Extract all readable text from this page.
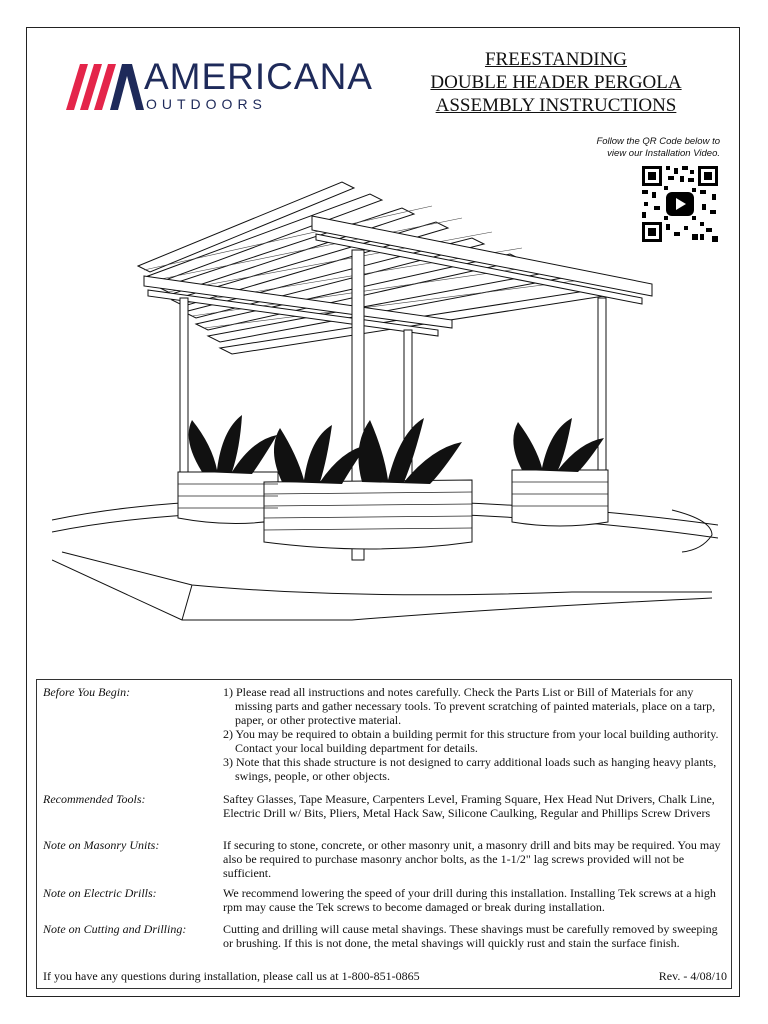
AMERICANA
OUTDOORS
FREESTANDING
DOUBLE HEADER PERGOLA
ASSEMBLY INSTRUCTIONS
Follow the QR Code below to
view our Installation Video.
Before You Begin:	1) Please read all instructions and notes carefully. Check the Parts List or Bill of Materials for any missing parts and gather necessary tools. To prevent scratching of painted materials, place on a tarp, paper, or other protective material.
2) You may be required to obtain a building permit for this structure from your local building authority. Contact your local building department for details.
3) Note that this shade structure is not designed to carry additional loads such as hanging heavy plants, swings, people, or other objects.
Recommended Tools:	Saftey Glasses, Tape Measure, Carpenters Level, Framing Square, Hex Head Nut Drivers, Chalk Line, Electric Drill w/ Bits, Pliers, Metal Hack Saw, Silicone Caulking, Regular and Phillips Screw Drivers
Note on Masonry Units:	If securing to stone, concrete, or other masonry unit, a masonry drill and bits may be required. You may also be required to purchase masonry anchor bolts, as the 1-1/2" lag screws provided will not be sufficient.
Note on Electric Drills:	We recommend lowering the speed of your drill during this installation. Installing Tek screws at a high rpm may cause the Tek screws to become damaged or break during installation.
Note on Cutting and Drilling:	Cutting and drilling will cause metal shavings. These shavings must be carefully removed by sweeping or brushing. If this is not done, the metal shavings will quickly rust and stain the surface finish.
If you have any questions during installation, please call us at 1-800-851-0865	Rev. - 4/08/10
